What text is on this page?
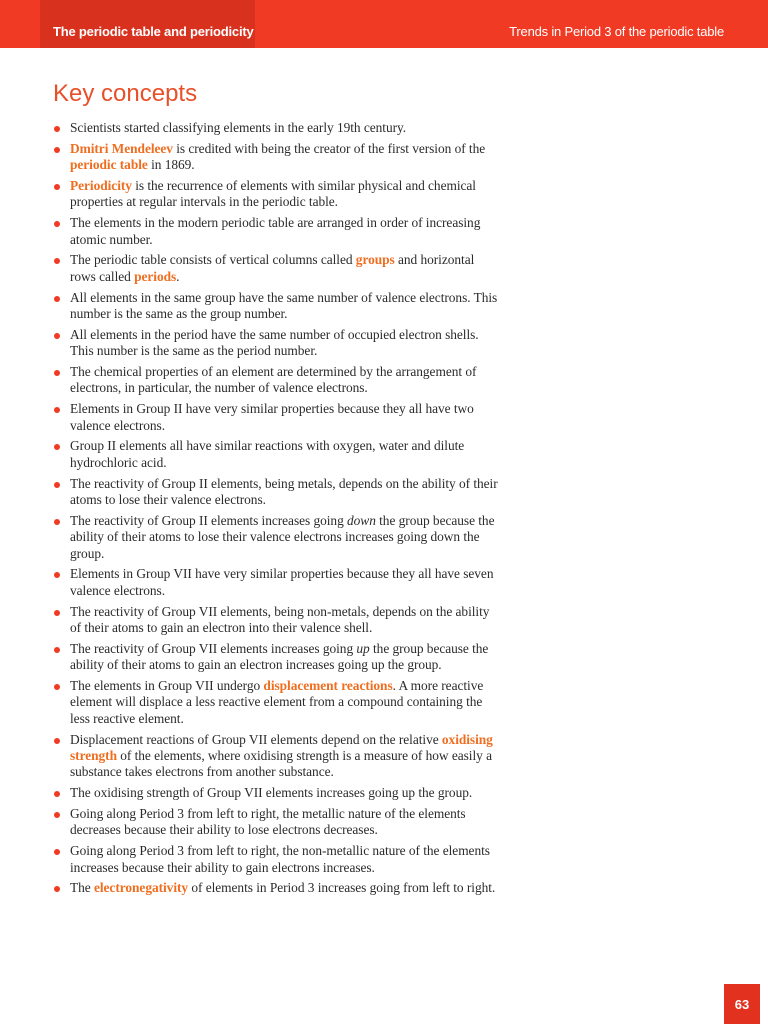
The periodic table and periodicity	Trends in Period 3 of the periodic table
Key concepts
Scientists started classifying elements in the early 19th century.
Dmitri Mendeleev is credited with being the creator of the first version of the periodic table in 1869.
Periodicity is the recurrence of elements with similar physical and chemical properties at regular intervals in the periodic table.
The elements in the modern periodic table are arranged in order of increasing atomic number.
The periodic table consists of vertical columns called groups and horizontal rows called periods.
All elements in the same group have the same number of valence electrons. This number is the same as the group number.
All elements in the period have the same number of occupied electron shells. This number is the same as the period number.
The chemical properties of an element are determined by the arrangement of electrons, in particular, the number of valence electrons.
Elements in Group II have very similar properties because they all have two valence electrons.
Group II elements all have similar reactions with oxygen, water and dilute hydrochloric acid.
The reactivity of Group II elements, being metals, depends on the ability of their atoms to lose their valence electrons.
The reactivity of Group II elements increases going down the group because the ability of their atoms to lose their valence electrons increases going down the group.
Elements in Group VII have very similar properties because they all have seven valence electrons.
The reactivity of Group VII elements, being non-metals, depends on the ability of their atoms to gain an electron into their valence shell.
The reactivity of Group VII elements increases going up the group because the ability of their atoms to gain an electron increases going up the group.
The elements in Group VII undergo displacement reactions. A more reactive element will displace a less reactive element from a compound containing the less reactive element.
Displacement reactions of Group VII elements depend on the relative oxidising strength of the elements, where oxidising strength is a measure of how easily a substance takes electrons from another substance.
The oxidising strength of Group VII elements increases going up the group.
Going along Period 3 from left to right, the metallic nature of the elements decreases because their ability to lose electrons decreases.
Going along Period 3 from left to right, the non-metallic nature of the elements increases because their ability to gain electrons increases.
The electronegativity of elements in Period 3 increases going from left to right.
63
